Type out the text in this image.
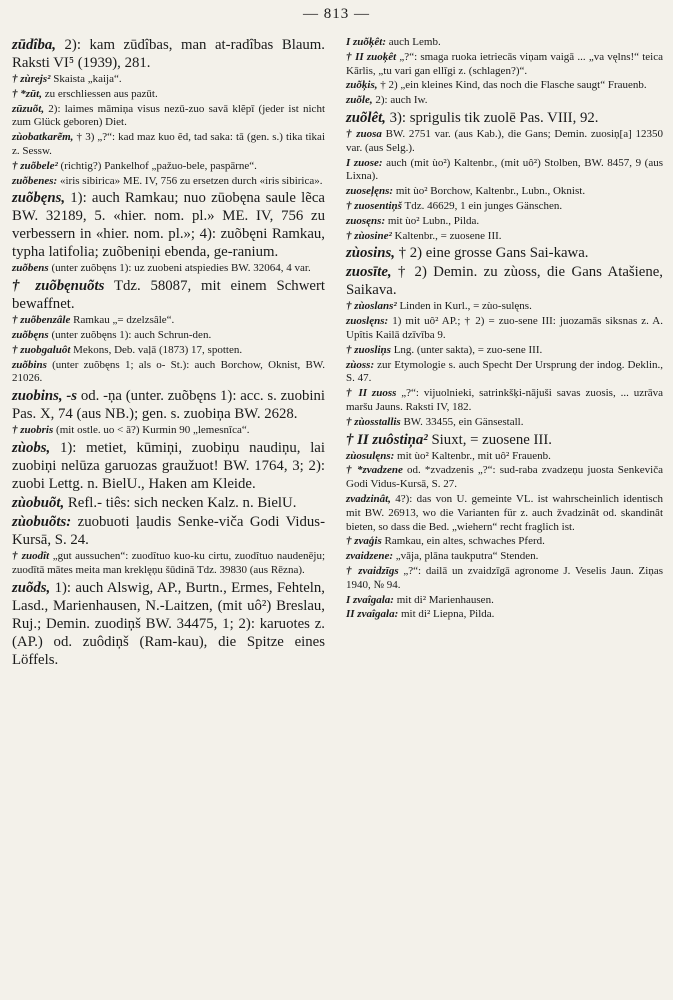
— 813 —
zūdîba, 2): kam zūdîbas, man at-radîbas Blaum. Raksti VI⁵ (1939), 281.
† zùrejs² Skaista „kaija“.
† *zūt, zu erschliessen aus pazūt.
zūzuõt, 2): laimes māmiņa visus nezū-zuo savā klẽpī (jeder ist nicht zum Glück geboren) Diet.
zùobatkarẽm, † 3) „?“: kad maz kuo ẽd, tad saka: tā (gen. s.) tika tikai z. Sessw.
† zuõbele² (richtig?) Pankelhof „pažuo-bele, paspārne“.
zuõbenes: «iris sibirica» ME. IV, 756 zu ersetzen durch «iris sibirica».
zuõbęns, 1): auch Ramkau; nuo zūobęna saule lẽca BW. 32189, 5. «hier. nom. pl.» ME. IV, 756 zu verbessern in «hier. nom. pl.»; 4): zuõbęni Ramkau, typha latifolia; zuõbeniņi ebenda, ge-ranium.
zuõbens (unter zuõbęns 1): uz zuobeni atspiedies BW. 32064, 4 var.
† zuõbęnuõts Tdz. 58087, mit einem Schwert bewaffnet.
† zuõbenzâle Ramkau „= dzelzsâle“.
zuõbęns (unter zuõbęns 1): auch Schrun-den.
† zuobgaluôt Mekons, Deb. vaļā (1873) 17, spotten.
zuõbins (unter zuõbęns 1; als o- St.): auch Borchow, Oknist, BW. 21026.
zuobins, -s od. -ņa (unter. zuõbęns 1): acc. s. zuobini Pas. X, 74 (aus NB.); gen. s. zuobiņa BW. 2628.
† zuobris (mit ostle. uo < ā?) Kurmin 90 „lemesnīca“.
zùobs, 1): metiet, kūmiņi, zuobiņu naudiņu, lai zuobiņi nelūza garuozas graužuot! BW. 1764, 3; 2): zuobi Lettg. n. BielU., Haken am Kleide.
zùobuõt, Refl.- tiês: sich necken Kalz. n. BielU.
zùobuõts: zuobuoti ļaudis Senke-viča Godi Vidus-Kursā, S. 24.
† zuodît „gut aussuchen“: zuodîtuo kuo-ku cirtu, zuodîtuo naudenēju; zuodītā mātes meita man kreklęņu šūdinā Tdz. 39830 (aus Rēzna).
zuõds, 1): auch Alswig, AP., Burtn., Ermes, Fehteln, Lasd., Marienhausen, N.-Laitzen, (mit uô²) Breslau, Ruj.; Demin. zuodiņš BW. 34475, 1; 2): karuotes z. (AP.) od. zuôdiņš (Ram-kau), die Spitze eines Löffels.
I zuõķêt: auch Lemb.
† II zuoķêt „?“: smaga ruoka ietriecās viņam vaigā ... „va vęlns!“ teica Kārlis, „tu vari gan ellīgi z. (schlagen?)“.
zuõķis, † 2) „ein kleines Kind, das noch die Flasche saugt“ Frauenb.
zuõle, 2): auch Iw.
zuõlêt, 3): sprigulis tik zuolē Pas. VIII, 92.
† zuosa BW. 2751 var. (aus Kab.), die Gans; Demin. zuosiņ[a] 12350 var. (aus Selg.).
I zuose: auch (mit ùo²) Kaltenbr., (mit uô²) Stolben, BW. 8457, 9 (aus Lixna).
zuoseļęns: mit ùo² Borchow, Kaltenbr., Lubn., Oknist.
† zuosentiņš Tdz. 46629, 1 ein junges Gänschen.
zuosęns: mit ùo² Lubn., Pilda.
† zùosine² Kaltenbr., = zuosene III.
zùosins, † 2) eine grosse Gans Sai-kawa.
zuosīte, † 2) Demin. zu zùoss, die Gans Atašiene, Saikava.
† zùoslans² Linden in Kurl., = zùo-sulęns.
zuoslęns: 1) mit uô² AP.; † 2) = zuo-sene III: juozamās siksnas z. A. Upîtis Kailā dzīvība 9.
† zuosliņs Lng. (unter sakta), = zuo-sene III.
zùoss: zur Etymologie s. auch Specht Der Ursprung der indog. Deklin., S. 47.
† II zuoss „?“: vijuolnieki, satrinkšķi-nājuši savas zuosis, ... uzrāva maršu Jauns. Raksti IV, 182.
† zùosstallis BW. 33455, ein Gänsestall.
† II zuôstiņa² Siuxt, = zuosene III.
zùosulęns: mit ùo² Kaltenbr., mit uô² Frauenb.
† *zvadzene od. *zvadzenis „?“: sud-raba zvadzeņu juosta Senkeviča Godi Vidus-Kursā, S. 27.
zvadzinât, 4?): das von U. gemeinte VL. ist wahrscheinlich identisch mit BW. 26913, wo die Varianten für z. auch žvadzinât od. skandinât bieten, so dass die Bed. „wiehern“ recht fraglich ist.
† zvaģis Ramkau, ein altes, schwaches Pferd.
zvaidzene: „vāja, plāna taukputra“ Stenden.
† zvaidzīgs „?“: dailā un zvaidzīgā agronome J. Veselis Jaun. Ziņas 1940, № 94.
I zvaîgala: mit di² Marienhausen.
II zvaîgala: mit di² Liepna, Pilda.
